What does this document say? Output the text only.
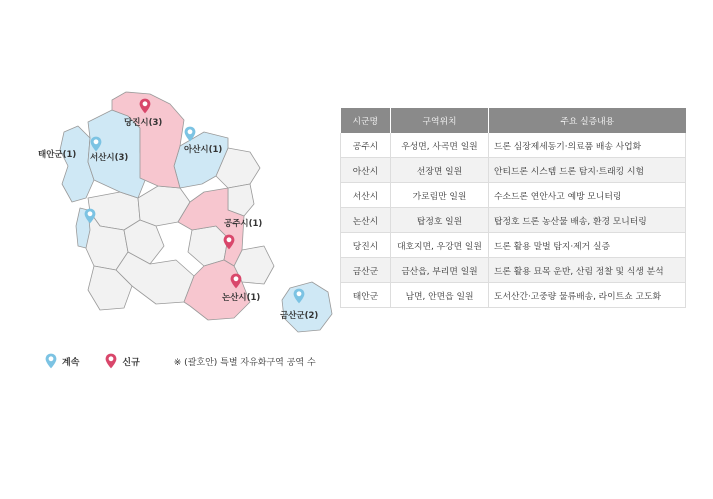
당진시(3)
아산시(1)
태안군(1) 서산시(3)
공주시(1)
논산시(1)
금산군(2)
계속	신규	※ (괄호안) 특별 자유화구역 공역 수
시군명	구역위치	주요 실증내용
공주시	우성면, 사곡면 일원	드론 심장제세동기·의료품 배송 사업화
아산시	선장면 일원	안티드론 시스템 드론 탐지·트래킹 시험
서산시	가로림만 일원	수소드론 연안사고 예방 모니터링
논산시	탑정호 일원	탑정호 드론 농산물 배송, 환경 모니터링
당진시	대호지면, 우강면 일원	드론 활용 말벌 탐지·제거 실증
금산군	금산읍, 부리면 일원	드론 활용 묘목 운반, 산림 정찰 및 식생 분석
태안군	남면, 안면읍 일원	도서산간·고중량 물류배송, 라이트쇼 고도화
